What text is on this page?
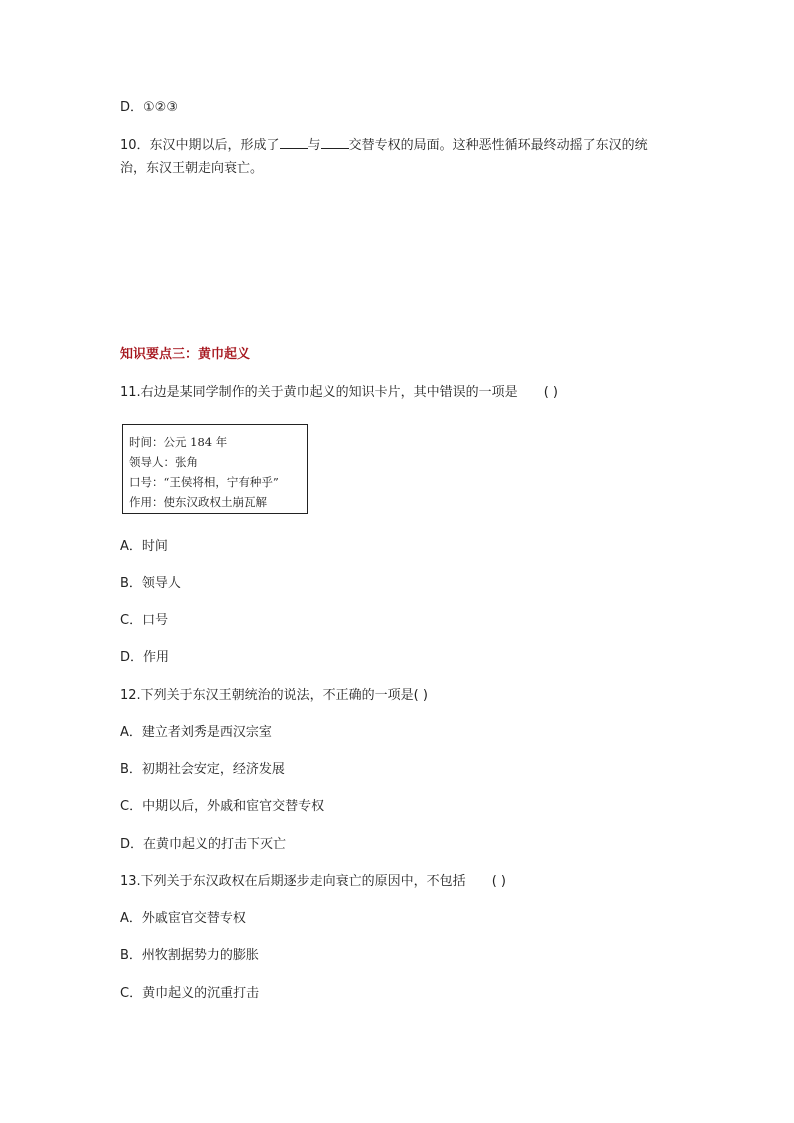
D．①②③
10．东汉中期以后，形成了 与 交替专权的局面。这种恶性循环最终动摇了东汉的统
治，东汉王朝走向衰亡。
知识要点三：黄巾起义
11.右边是某同学制作的关于黄巾起义的知识卡片，其中错误的一项是 ( )
时间：公元 184 年
领导人：张角
口号：“王侯将相，宁有种乎”
作用：使东汉政权土崩瓦解
A．时间
B．领导人
C．口号
D．作用
12.下列关于东汉王朝统治的说法，不正确的一项是( )
A．建立者刘秀是西汉宗室
B．初期社会安定，经济发展
C．中期以后，外戚和宦官交替专权
D．在黄巾起义的打击下灭亡
13.下列关于东汉政权在后期逐步走向衰亡的原因中，不包括 ( )
A．外戚宦官交替专权
B．州牧割据势力的膨胀
C．黄巾起义的沉重打击
